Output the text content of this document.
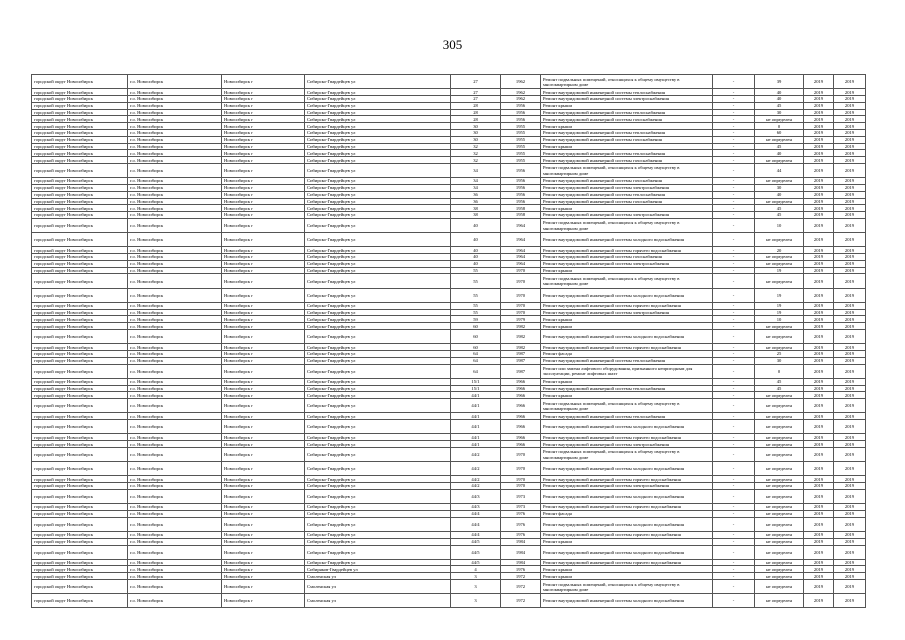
305
городской округ Новосибирск	г.о. Новосибирск	Новосибирск г	Сибирско-Гвардейцев ул	27	1962	Ремонт подвальных помещений, относящихся к общему имуществу в многоквартирном доме	-	39	2019	2019
городской округ Новосибирск	г.о. Новосибирск	Новосибирск г	Сибирско-Гвардейцев ул	27	1962	Ремонт внутридомовой инженерной системы теплоснабжения	-	40	2019	2019
городской округ Новосибирск	г.о. Новосибирск	Новосибирск г	Сибирско-Гвардейцев ул	27	1962	Ремонт внутридомовой инженерной системы электроснабжения	-	40	2019	2019
городской округ Новосибирск	г.о. Новосибирск	Новосибирск г	Сибирско-Гвардейцев ул	28	1956	Ремонт крыши	-	45	2019	2019
городской округ Новосибирск	г.о. Новосибирск	Новосибирск г	Сибирско-Гвардейцев ул	28	1956	Ремонт внутридомовой инженерной системы теплоснабжения	-	30	2019	2019
городской округ Новосибирск	г.о. Новосибирск	Новосибирск г	Сибирско-Гвардейцев ул	28	1956	Ремонт внутридомовой инженерной системы газоснабжения	-	не определен	2019	2019
городской округ Новосибирск	г.о. Новосибирск	Новосибирск г	Сибирско-Гвардейцев ул	30	1955	Ремонт крыши	-	0	2019	2019
городской округ Новосибирск	г.о. Новосибирск	Новосибирск г	Сибирско-Гвардейцев ул	30	1955	Ремонт внутридомовой инженерной системы теплоснабжения	-	60	2019	2019
городской округ Новосибирск	г.о. Новосибирск	Новосибирск г	Сибирско-Гвардейцев ул	30	1955	Ремонт внутридомовой инженерной системы газоснабжения	-	не определен	2019	2019
городской округ Новосибирск	г.о. Новосибирск	Новосибирск г	Сибирско-Гвардейцев ул	32	1955	Ремонт крыши	-	45	2019	2019
городской округ Новосибирск	г.о. Новосибирск	Новосибирск г	Сибирско-Гвардейцев ул	32	1955	Ремонт внутридомовой инженерной системы теплоснабжения	-	40	2019	2019
городской округ Новосибирск	г.о. Новосибирск	Новосибирск г	Сибирско-Гвардейцев ул	32	1955	Ремонт внутридомовой инженерной системы газоснабжения	-	не определен	2019	2019
городской округ Новосибирск	г.о. Новосибирск	Новосибирск г	Сибирско-Гвардейцев ул	34	1956	Ремонт подвальных помещений, относящихся к общему имуществу в многоквартирном доме	-	44	2019	2019
городской округ Новосибирск	г.о. Новосибирск	Новосибирск г	Сибирско-Гвардейцев ул	34	1956	Ремонт внутридомовой инженерной системы газоснабжения	-	не определен	2019	2019
городской округ Новосибирск	г.о. Новосибирск	Новосибирск г	Сибирско-Гвардейцев ул	34	1956	Ремонт внутридомовой инженерной системы электроснабжения	-	30	2019	2019
городской округ Новосибирск	г.о. Новосибирск	Новосибирск г	Сибирско-Гвардейцев ул	36	1956	Ремонт внутридомовой инженерной системы теплоснабжения	-	40	2019	2019
городской округ Новосибирск	г.о. Новосибирск	Новосибирск г	Сибирско-Гвардейцев ул	36	1956	Ремонт внутридомовой инженерной системы газоснабжения	-	не определен	2019	2019
городской округ Новосибирск	г.о. Новосибирск	Новосибирск г	Сибирско-Гвардейцев ул	38	1958	Ремонт крыши	-	45	2019	2019
городской округ Новосибирск	г.о. Новосибирск	Новосибирск г	Сибирско-Гвардейцев ул	38	1958	Ремонт внутридомовой инженерной системы электроснабжения	-	45	2019	2019
городской округ Новосибирск	г.о. Новосибирск	Новосибирск г	Сибирско-Гвардейцев ул	40	1964	Ремонт подвальных помещений, относящихся к общему имуществу в многоквартирном доме	-	10	2019	2019
городской округ Новосибирск	г.о. Новосибирск	Новосибирск г	Сибирско-Гвардейцев ул	40	1964	Ремонт внутридомовой инженерной системы холодного водоснабжения	-	не определен	2019	2019
городской округ Новосибирск	г.о. Новосибирск	Новосибирск г	Сибирско-Гвардейцев ул	40	1964	Ремонт внутридомовой инженерной системы горячего водоснабжения	-	20	2019	2019
городской округ Новосибирск	г.о. Новосибирск	Новосибирск г	Сибирско-Гвардейцев ул	40	1964	Ремонт внутридомовой инженерной системы газоснабжения	-	не определен	2019	2019
городской округ Новосибирск	г.о. Новосибирск	Новосибирск г	Сибирско-Гвардейцев ул	40	1964	Ремонт внутридомовой инженерной системы электроснабжения	-	не определен	2019	2019
городской округ Новосибирск	г.о. Новосибирск	Новосибирск г	Сибирско-Гвардейцев ул	55	1970	Ремонт крыши	-	19	2019	2019
городской округ Новосибирск	г.о. Новосибирск	Новосибирск г	Сибирско-Гвардейцев ул	55	1970	Ремонт подвальных помещений, относящихся к общему имуществу в многоквартирном доме	-	не определен	2019	2019
городской округ Новосибирск	г.о. Новосибирск	Новосибирск г	Сибирско-Гвардейцев ул	55	1970	Ремонт внутридомовой инженерной системы холодного водоснабжения	-	19	2019	2019
городской округ Новосибирск	г.о. Новосибирск	Новосибирск г	Сибирско-Гвардейцев ул	55	1970	Ремонт внутридомовой инженерной системы горячего водоснабжения	-	19	2019	2019
городской округ Новосибирск	г.о. Новосибирск	Новосибирск г	Сибирско-Гвардейцев ул	55	1970	Ремонт внутридомовой инженерной системы электроснабжения	-	19	2019	2019
городской округ Новосибирск	г.о. Новосибирск	Новосибирск г	Сибирско-Гвардейцев ул	59	1979	Ремонт крыши	-	10	2019	2019
городской округ Новосибирск	г.о. Новосибирск	Новосибирск г	Сибирско-Гвардейцев ул	60	1982	Ремонт крыши	-	не определен	2019	2019
городской округ Новосибирск	г.о. Новосибирск	Новосибирск г	Сибирско-Гвардейцев ул	60	1982	Ремонт внутридомовой инженерной системы холодного водоснабжения	-	не определен	2019	2019
городской округ Новосибирск	г.о. Новосибирск	Новосибирск г	Сибирско-Гвардейцев ул	60	1982	Ремонт внутридомовой инженерной системы горячего водоснабжения	-	не определен	2019	2019
городской округ Новосибирск	г.о. Новосибирск	Новосибирск г	Сибирско-Гвардейцев ул	64	1987	Ремонт фасада	-	25	2019	2019
городской округ Новосибирск	г.о. Новосибирск	Новосибирск г	Сибирско-Гвардейцев ул	64	1987	Ремонт внутридомовой инженерной системы теплоснабжения	-	30	2019	2019
городской округ Новосибирск	г.о. Новосибирск	Новосибирск г	Сибирско-Гвардейцев ул	64	1987	Ремонт или замена лифтового оборудования, признанного непригодным для эксплуатации, ремонт лифтовых шахт	-	0	2019	2019
городской округ Новосибирск	г.о. Новосибирск	Новосибирск г	Сибирско-Гвардейцев ул	15/1	1966	Ремонт крыши	-	45	2019	2019
городской округ Новосибирск	г.о. Новосибирск	Новосибирск г	Сибирско-Гвардейцев ул	15/1	1966	Ремонт внутридомовой инженерной системы теплоснабжения	-	45	2019	2019
городской округ Новосибирск	г.о. Новосибирск	Новосибирск г	Сибирско-Гвардейцев ул	44/1	1966	Ремонт крыши	-	не определен	2019	2019
городской округ Новосибирск	г.о. Новосибирск	Новосибирск г	Сибирско-Гвардейцев ул	44/1	1966	Ремонт подвальных помещений, относящихся к общему имуществу в многоквартирном доме	-	не определен	2019	2019
городской округ Новосибирск	г.о. Новосибирск	Новосибирск г	Сибирско-Гвардейцев ул	44/1	1966	Ремонт внутридомовой инженерной системы теплоснабжения	-	не определен	2019	2019
городской округ Новосибирск	г.о. Новосибирск	Новосибирск г	Сибирско-Гвардейцев ул	44/1	1966	Ремонт внутридомовой инженерной системы холодного водоснабжения	-	не определен	2019	2019
городской округ Новосибирск	г.о. Новосибирск	Новосибирск г	Сибирско-Гвардейцев ул	44/1	1966	Ремонт внутридомовой инженерной системы горячего водоснабжения	-	не определен	2019	2019
городской округ Новосибирск	г.о. Новосибирск	Новосибирск г	Сибирско-Гвардейцев ул	44/1	1966	Ремонт внутридомовой инженерной системы электроснабжения	-	не определен	2019	2019
городской округ Новосибирск	г.о. Новосибирск	Новосибирск г	Сибирско-Гвардейцев ул	44/2	1970	Ремонт подвальных помещений, относящихся к общему имуществу в многоквартирном доме	-	не определен	2019	2019
городской округ Новосибирск	г.о. Новосибирск	Новосибирск г	Сибирско-Гвардейцев ул	44/2	1970	Ремонт внутридомовой инженерной системы холодного водоснабжения	-	не определен	2019	2019
городской округ Новосибирск	г.о. Новосибирск	Новосибирск г	Сибирско-Гвардейцев ул	44/2	1970	Ремонт внутридомовой инженерной системы горячего водоснабжения	-	не определен	2019	2019
городской округ Новосибирск	г.о. Новосибирск	Новосибирск г	Сибирско-Гвардейцев ул	44/2	1970	Ремонт внутридомовой инженерной системы электроснабжения	-	не определен	2019	2019
городской округ Новосибирск	г.о. Новосибирск	Новосибирск г	Сибирско-Гвардейцев ул	44/3	1973	Ремонт внутридомовой инженерной системы холодного водоснабжения	-	не определен	2019	2019
городской округ Новосибирск	г.о. Новосибирск	Новосибирск г	Сибирско-Гвардейцев ул	44/3	1973	Ремонт внутридомовой инженерной системы горячего водоснабжения	-	не определен	2019	2019
городской округ Новосибирск	г.о. Новосибирск	Новосибирск г	Сибирско-Гвардейцев ул	44/4	1976	Ремонт фасада	-	не определен	2019	2019
городской округ Новосибирск	г.о. Новосибирск	Новосибирск г	Сибирско-Гвардейцев ул	44/4	1976	Ремонт внутридомовой инженерной системы холодного водоснабжения	-	не определен	2019	2019
городской округ Новосибирск	г.о. Новосибирск	Новосибирск г	Сибирско-Гвардейцев ул	44/4	1976	Ремонт внутридомовой инженерной системы горячего водоснабжения	-	не определен	2019	2019
городской округ Новосибирск	г.о. Новосибирск	Новосибирск г	Сибирско-Гвардейцев ул	44/5	1984	Ремонт крыши	-	не определен	2019	2019
городской округ Новосибирск	г.о. Новосибирск	Новосибирск г	Сибирско-Гвардейцев ул	44/5	1984	Ремонт внутридомовой инженерной системы холодного водоснабжения	-	не определен	2019	2019
городской округ Новосибирск	г.о. Новосибирск	Новосибирск г	Сибирско-Гвардейцев ул	44/5	1984	Ремонт внутридомовой инженерной системы горячего водоснабжения	-	не определен	2019	2019
городской округ Новосибирск	г.о. Новосибирск	Новосибирск г	Сибиряков-Гвардейцев ул	4	1976	Ремонт крыши	-	не определен	2019	2019
городской округ Новосибирск	г.о. Новосибирск	Новосибирск г	Смоленская ул	3	1972	Ремонт крыши	-	не определен	2019	2019
городской округ Новосибирск	г.о. Новосибирск	Новосибирск г	Смоленская ул	3	1972	Ремонт подвальных помещений, относящихся к общему имуществу в многоквартирном доме	-	не определен	2019	2019
городской округ Новосибирск	г.о. Новосибирск	Новосибирск г	Смоленская ул	3	1972	Ремонт внутридомовой инженерной системы холодного водоснабжения	-	не определен	2019	2019
